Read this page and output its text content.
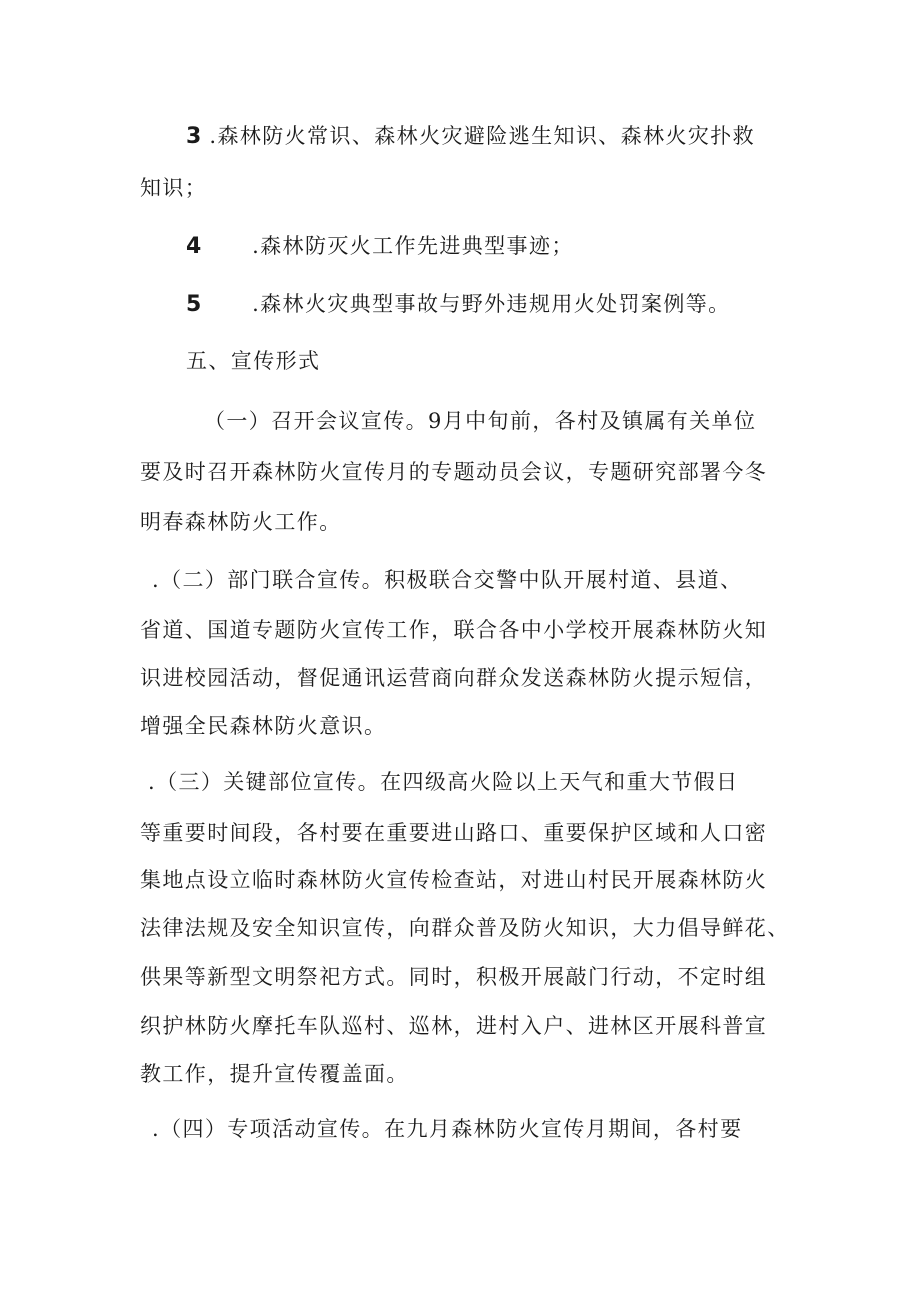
3 .森林防火常识、森林火灾避险逃生知识、森林火灾扑救
知识；
4 .森林防灭火工作先进典型事迹；
5 .森林火灾典型事故与野外违规用火处罚案例等。
五、宣传形式
（一）召开会议宣传。9月中旬前，各村及镇属有关单位
要及时召开森林防火宣传月的专题动员会议，专题研究部署今冬
明春森林防火工作。
.（二）部门联合宣传。积极联合交警中队开展村道、县道、
省道、国道专题防火宣传工作，联合各中小学校开展森林防火知
识进校园活动，督促通讯运营商向群众发送森林防火提示短信，
增强全民森林防火意识。
.（三）关键部位宣传。在四级高火险以上天气和重大节假日
等重要时间段，各村要在重要进山路口、重要保护区域和人口密
集地点设立临时森林防火宣传检查站，对进山村民开展森林防火
法律法规及安全知识宣传，向群众普及防火知识，大力倡导鲜花、
供果等新型文明祭祀方式。同时，积极开展敲门行动，不定时组
织护林防火摩托车队巡村、巡林，进村入户、进林区开展科普宣
教工作，提升宣传覆盖面。
.（四）专项活动宣传。在九月森林防火宣传月期间，各村要
